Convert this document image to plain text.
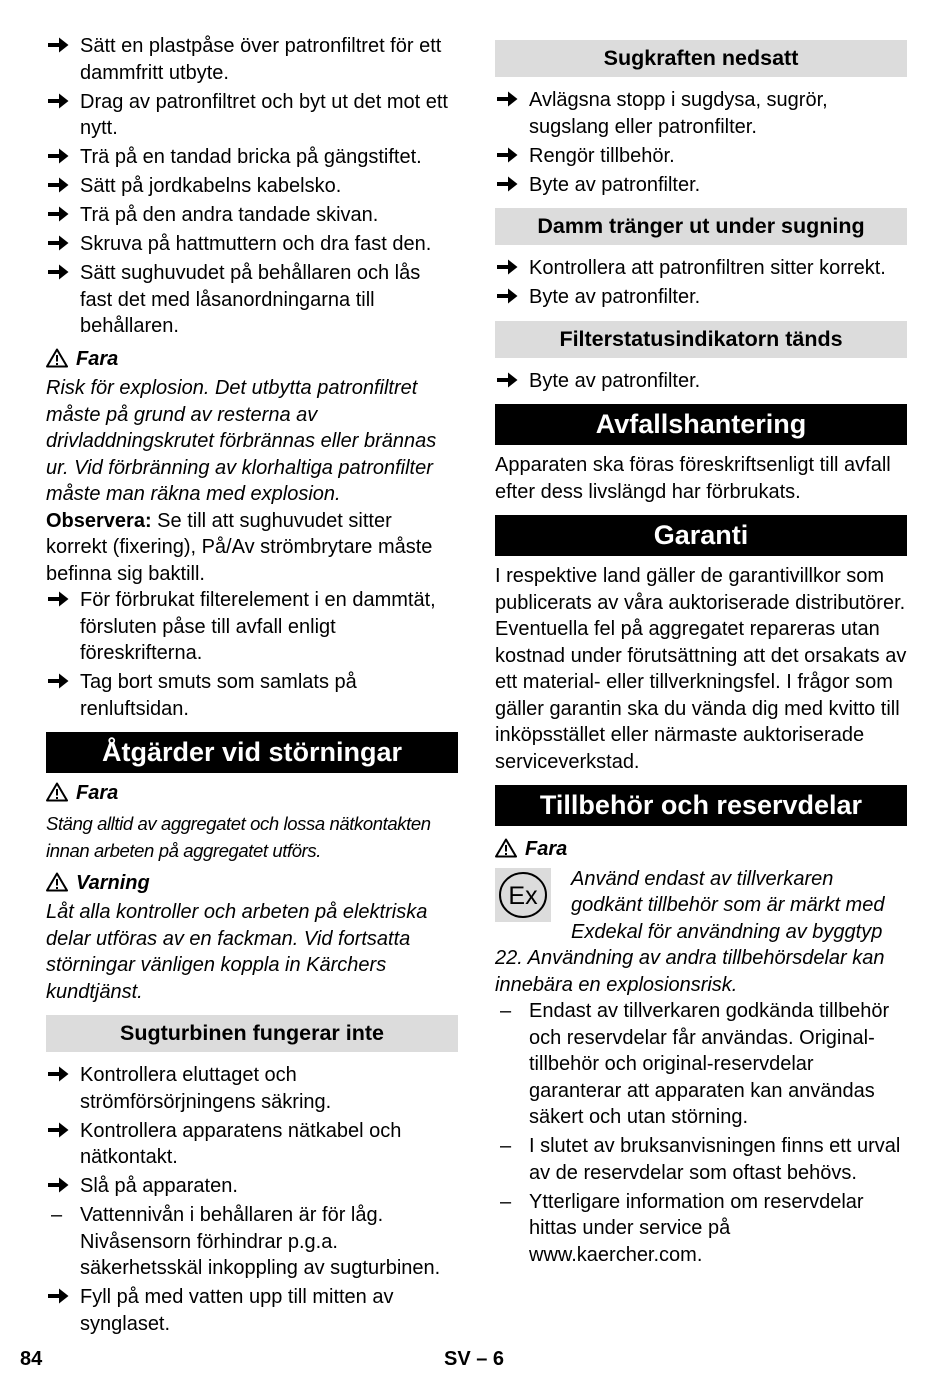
Sätt en plastpåse över patronfiltret för ett dammfritt utbyte.
Drag av patronfiltret och byt ut det mot ett nytt.
Trä på en tandad bricka på gängstiftet.
Sätt på jordkabelns kabelsko.
Trä på den andra tandade skivan.
Skruva på hattmuttern och dra fast den.
Sätt sughuvudet på behållaren och lås fast det med låsanordningarna till behållaren.
Fara

Risk för explosion. Det utbytta patronfiltret måste på grund av resterna av drivladdningskrutet förbrännas eller brännas ur. Vid förbränning av klorhaltiga patronfilter måste man räkna med explosion.

Observera: Se till att sughuvudet sitter korrekt (fixering), På/Av strömbrytare måste befinna sig baktill.

För förbrukat filterelement i en dammtät, försluten påse till avfall enligt föreskrifterna.
Tag bort smuts som samlats på renluftsidan.
Åtgärder vid störningar
Fara

Stäng alltid av aggregatet och lossa nätkontakten innan arbeten på aggregatet utförs.

Varning

Låt alla kontroller och arbeten på elektriska delar utföras av en fackman. Vid fortsatta störningar vänligen koppla in Kärchers kundtjänst.

Sugturbinen fungerar inte
Kontrollera eluttaget och strömförsörjningens säkring.
Kontrollera apparatens nätkabel och nätkontakt.
Slå på apparaten.
– Vattennivån i behållaren är för låg. Nivåsensorn förhindrar p.g.a. säkerhetsskäl inkoppling av sugturbinen.
Fyll på med vatten upp till mitten av synglaset.
Sugkraften nedsatt
Avlägsna stopp i sugdysa, sugrör, sugslang eller patronfilter.
Rengör tillbehör.
Byte av patronfilter.
Damm tränger ut under sugning
Kontrollera att patronfiltren sitter korrekt.
Byte av patronfilter.
Filterstatusindikatorn tänds
Byte av patronfilter.
Avfallshantering

Apparaten ska föras föreskriftsenligt till avfall efter dess livslängd har förbrukats.

Garanti

I respektive land gäller de garantivillkor som publicerats av våra auktoriserade distributörer. Eventuella fel på aggregatet repareras utan kostnad under förutsättning att det orsakats av ett material- eller tillverkningsfel. I frågor som gäller garantin ska du vända dig med kvitto till inköpsstället eller närmaste auktoriserade serviceverkstad.

Tillbehör och reservdelar
Fara
Ex

Använd endast av tillverkaren godkänt tillbehör som är märkt med Exdekal för användning av byggtyp

22. Användning av andra tillbehörsdelar kan innebära en explosionsrisk.

– Endast av tillverkaren godkända tillbehör och reservdelar får användas. Original-tillbehör och original-reservdelar garanterar att apparaten kan användas säkert och utan störning.
– I slutet av bruksanvisningen finns ett urval av de reservdelar som oftast behövs.
– Ytterligare information om reservdelar hittas under service på www.kaercher.com.
84	SV – 6
